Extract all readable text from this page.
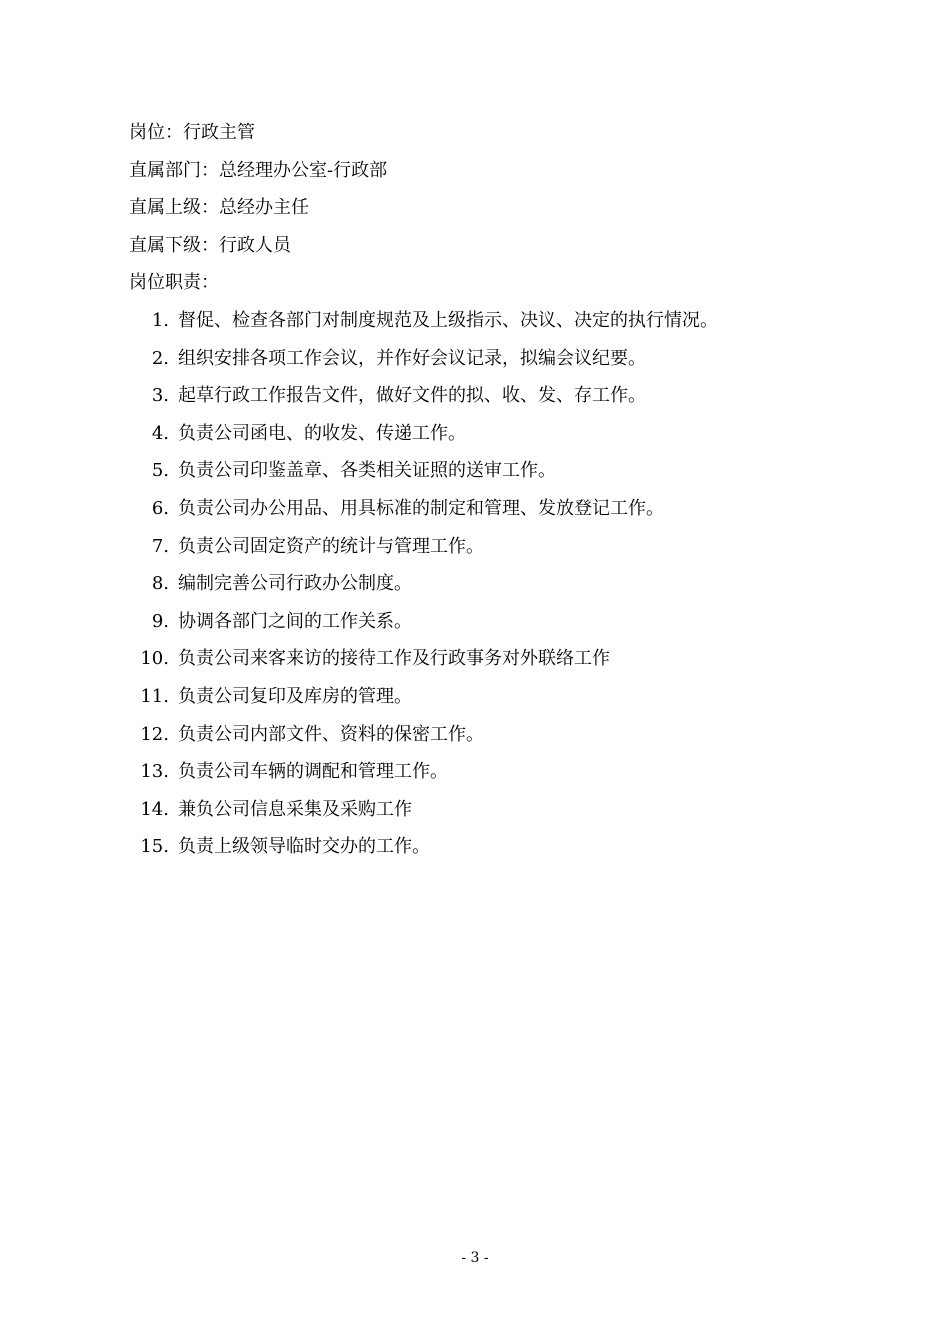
岗位：行政主管
直属部门：总经理办公室-行政部
直属上级：总经办主任
直属下级：行政人员
岗位职责：
1. 督促、检查各部门对制度规范及上级指示、决议、决定的执行情况。
2. 组织安排各项工作会议，并作好会议记录，拟编会议纪要。
3. 起草行政工作报告文件，做好文件的拟、收、发、存工作。
4. 负责公司函电、的收发、传递工作。
5. 负责公司印鉴盖章、各类相关证照的送审工作。
6. 负责公司办公用品、用具标准的制定和管理、发放登记工作。
7. 负责公司固定资产的统计与管理工作。
8. 编制完善公司行政办公制度。
9. 协调各部门之间的工作关系。
10. 负责公司来客来访的接待工作及行政事务对外联络工作
11. 负责公司复印及库房的管理。
12. 负责公司内部文件、资料的保密工作。
13. 负责公司车辆的调配和管理工作。
14. 兼负公司信息采集及采购工作
15. 负责上级领导临时交办的工作。
- 3 -
